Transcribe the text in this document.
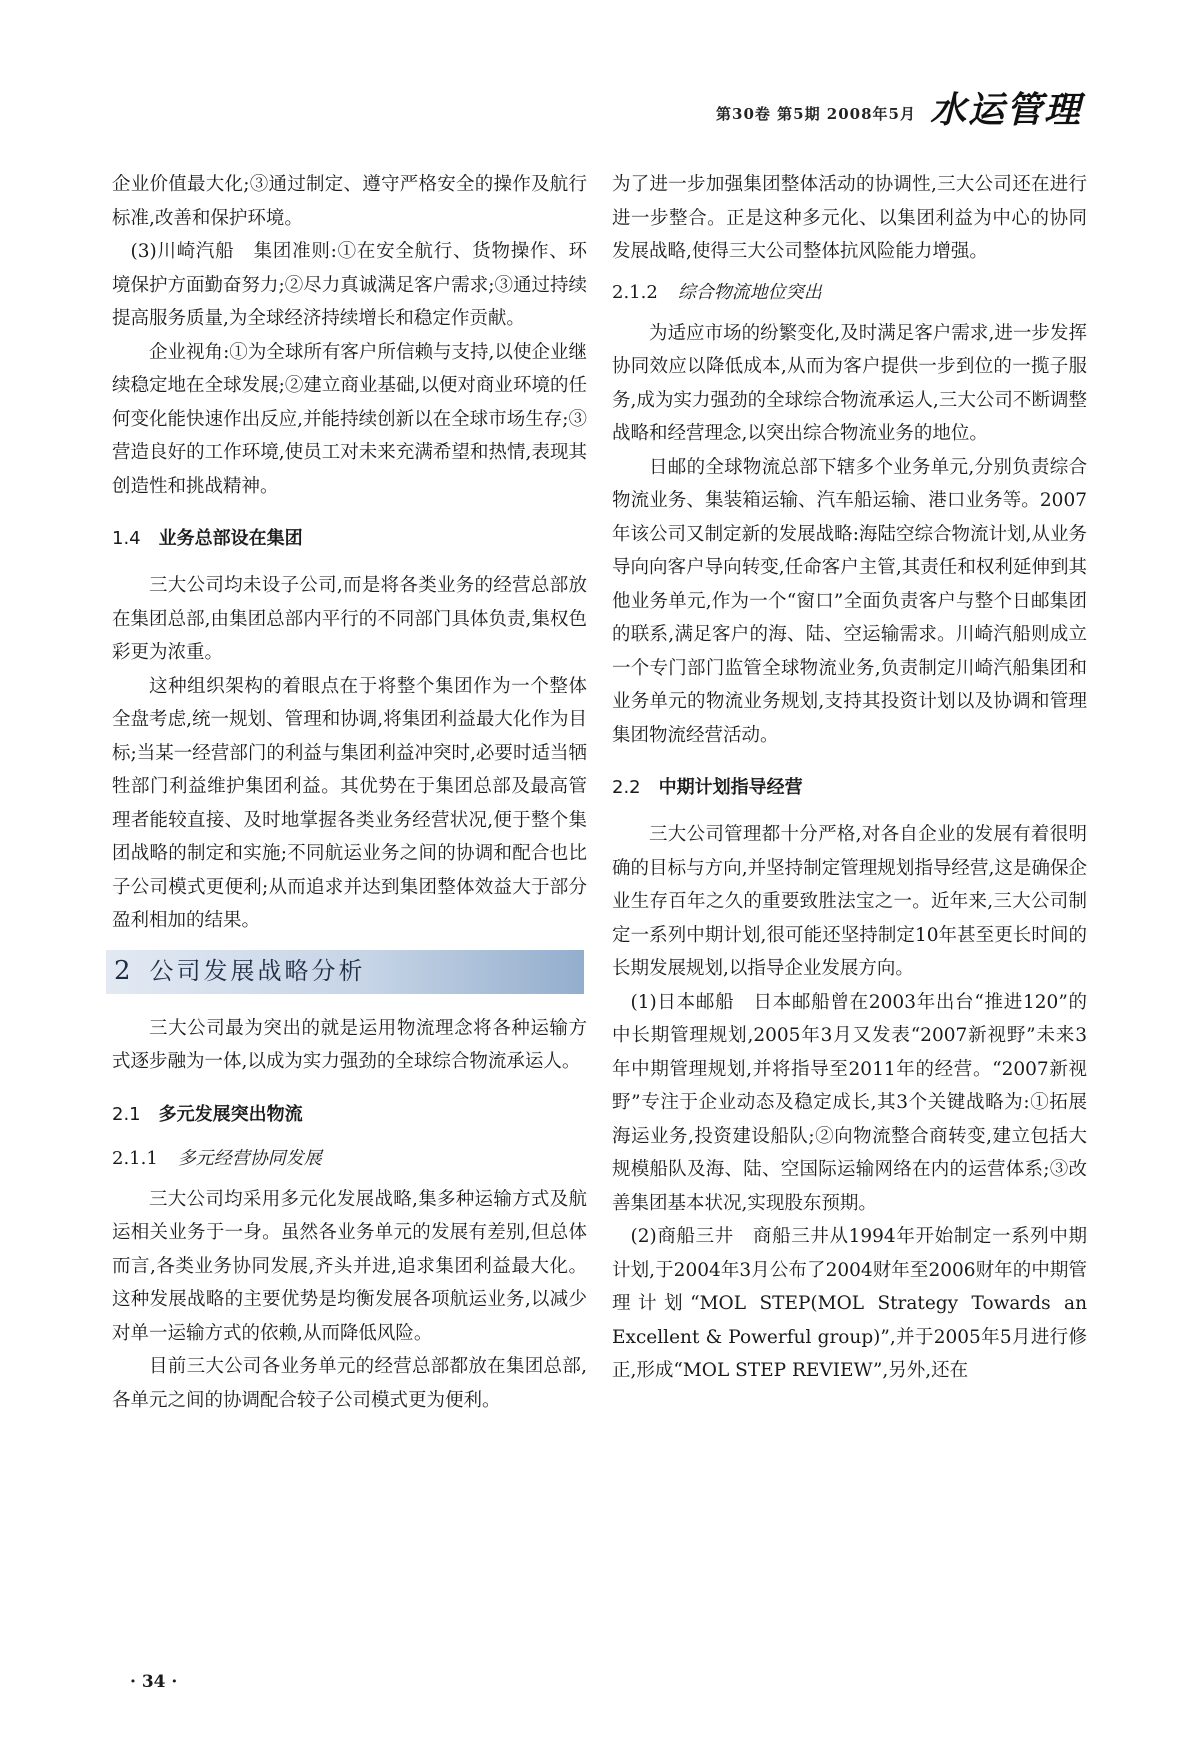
第30卷 第5期 2008年5月 水运管理

企业价值最大化;③通过制定、遵守严格安全的操作及航行标准,改善和保护环境。

(3)川崎汽船　集团准则:①在安全航行、货物操作、环境保护方面勤奋努力;②尽力真诚满足客户需求;③通过持续提高服务质量,为全球经济持续增长和稳定作贡献。

企业视角:①为全球所有客户所信赖与支持,以使企业继续稳定地在全球发展;②建立商业基础,以便对商业环境的任何变化能快速作出反应,并能持续创新以在全球市场生存;③营造良好的工作环境,使员工对未来充满希望和热情,表现其创造性和挑战精神。

1.4 业务总部设在集团

三大公司均未设子公司,而是将各类业务的经营总部放在集团总部,由集团总部内平行的不同部门具体负责,集权色彩更为浓重。

这种组织架构的着眼点在于将整个集团作为一个整体全盘考虑,统一规划、管理和协调,将集团利益最大化作为目标;当某一经营部门的利益与集团利益冲突时,必要时适当牺牲部门利益维护集团利益。其优势在于集团总部及最高管理者能较直接、及时地掌握各类业务经营状况,便于整个集团战略的制定和实施;不同航运业务之间的协调和配合也比子公司模式更便利;从而追求并达到集团整体效益大于部分盈利相加的结果。

2 公司发展战略分析

三大公司最为突出的就是运用物流理念将各种运输方式逐步融为一体,以成为实力强劲的全球综合物流承运人。

2.1 多元发展突出物流
2.1.1 多元经营协同发展

三大公司均采用多元化发展战略,集多种运输方式及航运相关业务于一身。虽然各业务单元的发展有差别,但总体而言,各类业务协同发展,齐头并进,追求集团利益最大化。这种发展战略的主要优势是均衡发展各项航运业务,以减少对单一运输方式的依赖,从而降低风险。

目前三大公司各业务单元的经营总部都放在集团总部,各单元之间的协调配合较子公司模式更为便利。

为了进一步加强集团整体活动的协调性,三大公司还在进行进一步整合。正是这种多元化、以集团利益为中心的协同发展战略,使得三大公司整体抗风险能力增强。

2.1.2 综合物流地位突出

为适应市场的纷繁变化,及时满足客户需求,进一步发挥协同效应以降低成本,从而为客户提供一步到位的一揽子服务,成为实力强劲的全球综合物流承运人,三大公司不断调整战略和经营理念,以突出综合物流业务的地位。

日邮的全球物流总部下辖多个业务单元,分别负责综合物流业务、集装箱运输、汽车船运输、港口业务等。2007年该公司又制定新的发展战略:海陆空综合物流计划,从业务导向向客户导向转变,任命客户主管,其责任和权利延伸到其他业务单元,作为一个“窗口”全面负责客户与整个日邮集团的联系,满足客户的海、陆、空运输需求。川崎汽船则成立一个专门部门监管全球物流业务,负责制定川崎汽船集团和业务单元的物流业务规划,支持其投资计划以及协调和管理集团物流经营活动。

2.2 中期计划指导经营

三大公司管理都十分严格,对各自企业的发展有着很明确的目标与方向,并坚持制定管理规划指导经营,这是确保企业生存百年之久的重要致胜法宝之一。近年来,三大公司制定一系列中期计划,很可能还坚持制定10年甚至更长时间的长期发展规划,以指导企业发展方向。

(1)日本邮船　日本邮船曾在2003年出台“推进120”的中长期管理规划,2005年3月又发表“2007新视野”未来3年中期管理规划,并将指导至2011年的经营。“2007新视野”专注于企业动态及稳定成长,其3个关键战略为:①拓展海运业务,投资建设船队;②向物流整合商转变,建立包括大规模船队及海、陆、空国际运输网络在内的运营体系;③改善集团基本状况,实现股东预期。

(2)商船三井　商船三井从1994年开始制定一系列中期计划,于2004年3月公布了2004财年至2006财年的中期管理计划“MOL STEP(MOL Strategy Towards an Excellent & Powerful group)”,并于2005年5月进行修正,形成“MOL STEP REVIEW”,另外,还在

· 34 ·
